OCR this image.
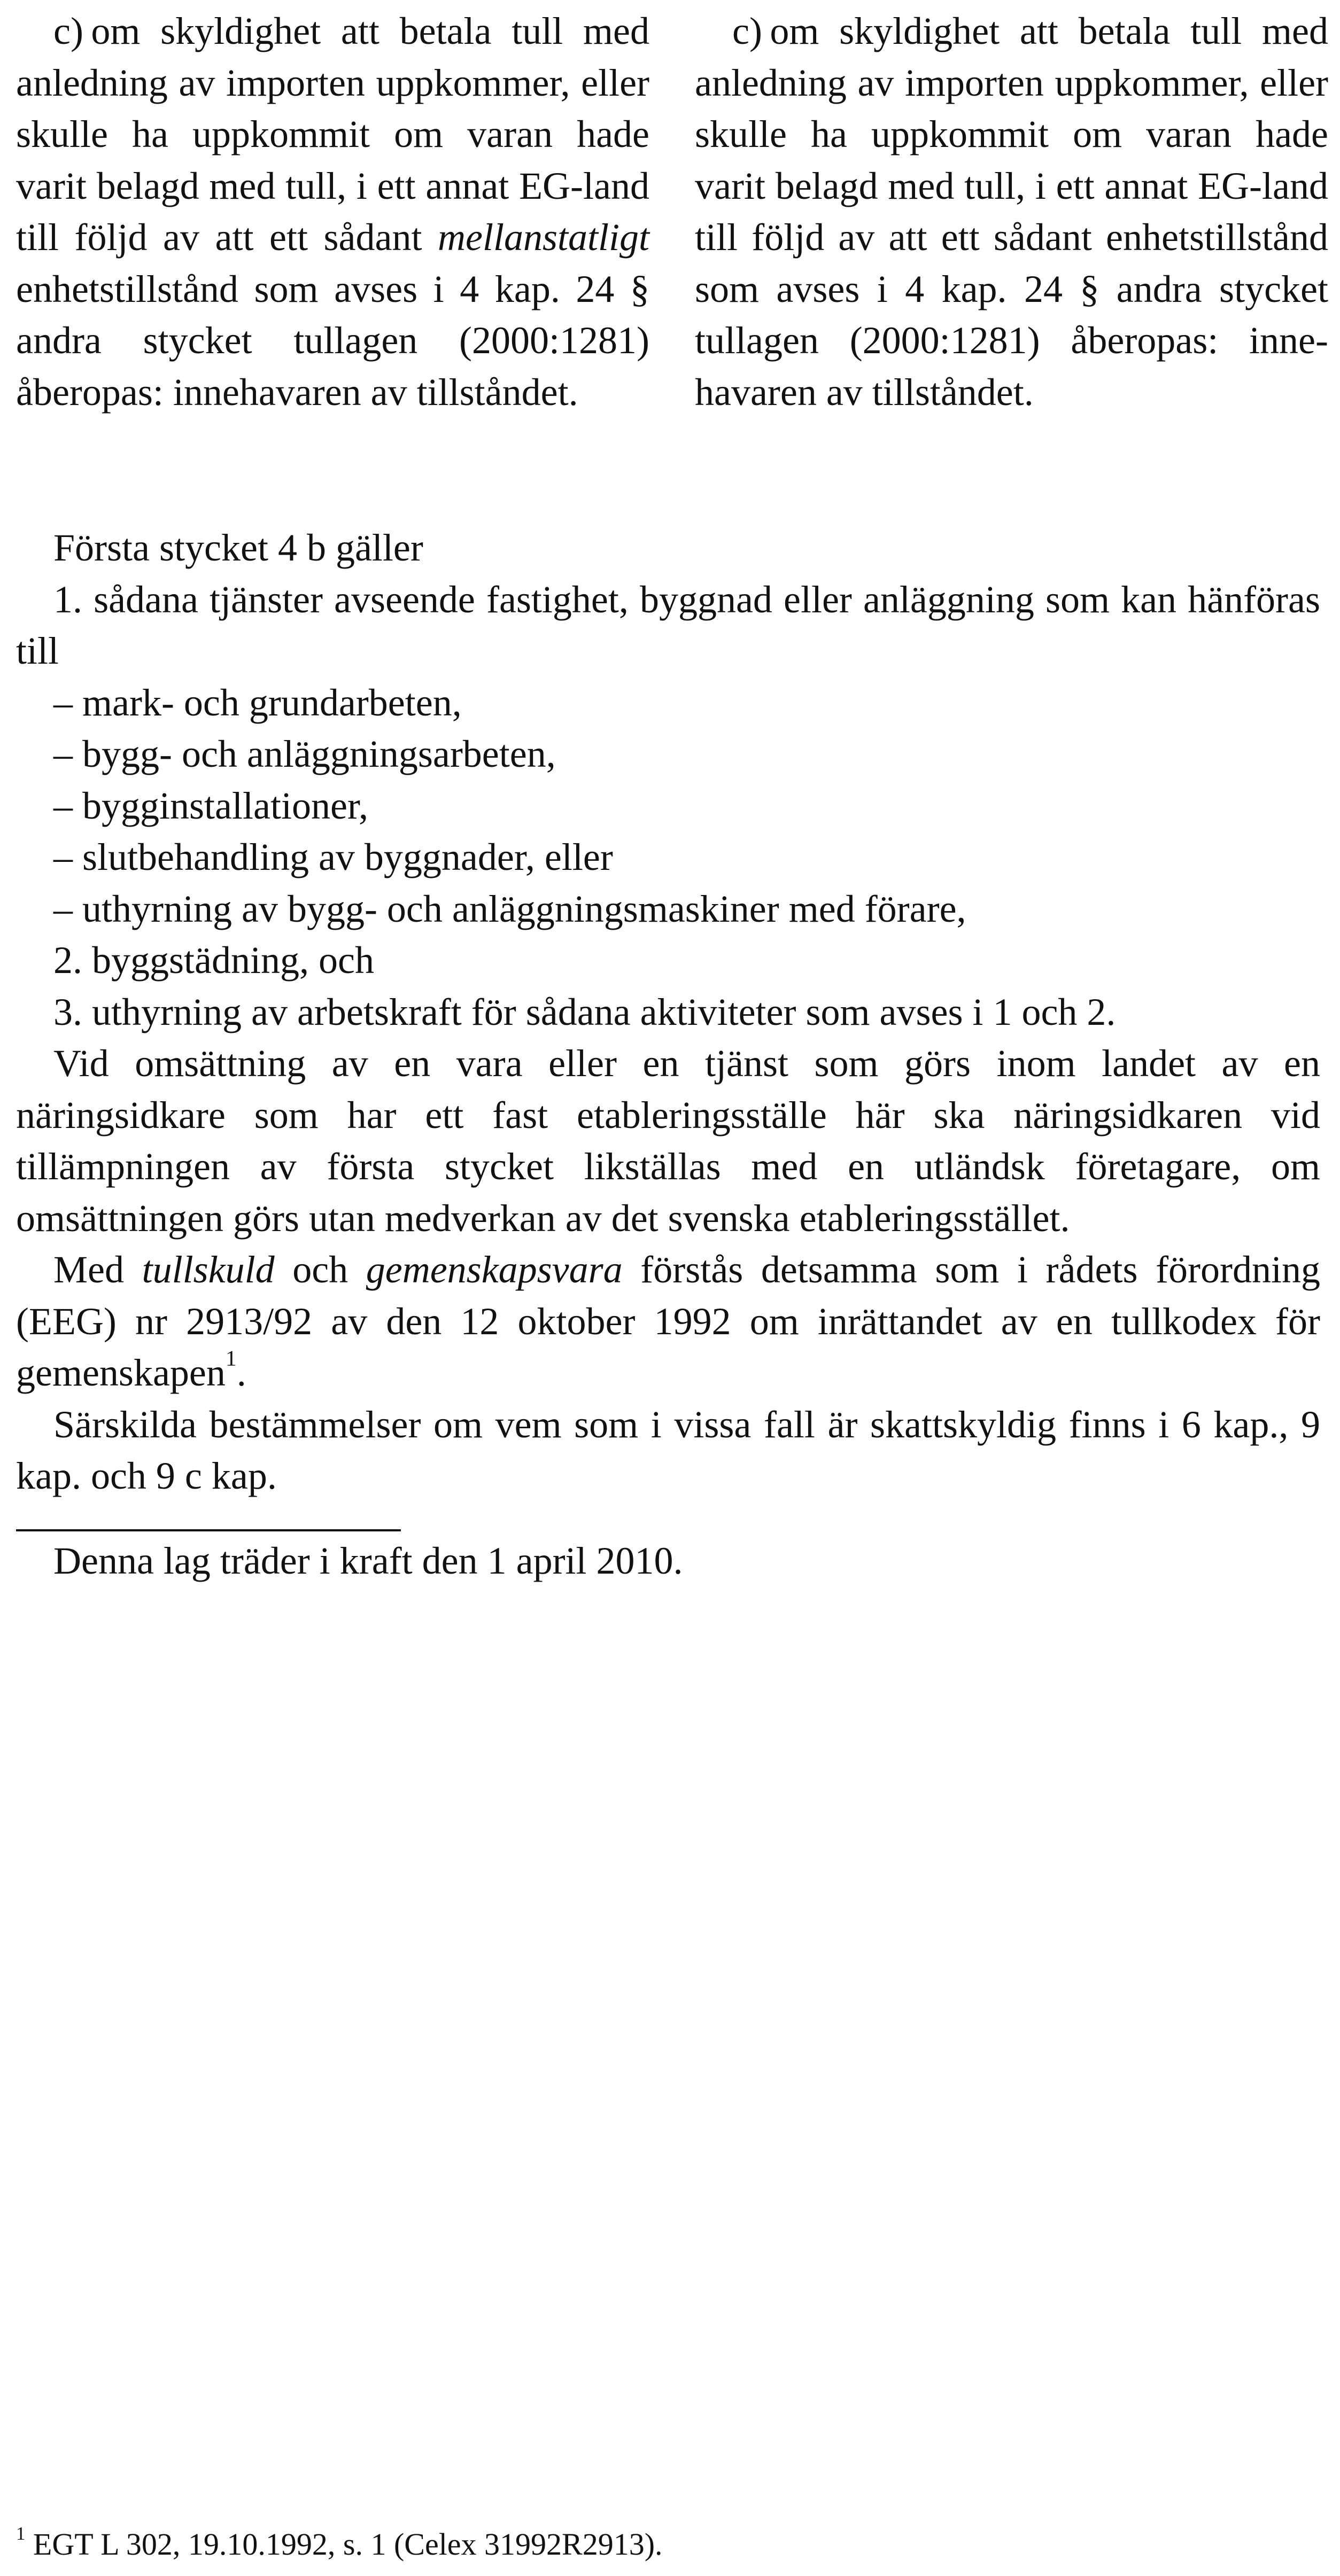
c) om skyldighet att betala tull med anledning av importen uppkommer, eller skulle ha uppkommit om varan hade varit belagd med tull, i ett annat EG-land till följd av att ett sådant mellanstatligt enhetstillstånd som avses i 4 kap. 24 § andra stycket tullagen (2000:1281) åberopas: innehavaren av tillståndet.

c) om skyldighet att betala tull med anledning av importen uppkommer, eller skulle ha uppkommit om varan hade varit belagd med tull, i ett annat EG-land till följd av att ett sådant enhetstillstånd som avses i 4 kap. 24 § andra stycket tullagen (2000:1281) åberopas: innehavaren av tillståndet.

Första stycket 4 b gäller

1. sådana tjänster avseende fastighet, byggnad eller anläggning som kan hänföras till

– mark- och grundarbeten,

– bygg- och anläggningsarbeten,

– bygginstallationer,

– slutbehandling av byggnader, eller

– uthyrning av bygg- och anläggningsmaskiner med förare,

2. byggstädning, och

3. uthyrning av arbetskraft för sådana aktiviteter som avses i 1 och 2.

Vid omsättning av en vara eller en tjänst som görs inom landet av en näringsidkare som har ett fast etableringsställe här ska näringsidkaren vid tillämpningen av första stycket likställas med en utländsk företagare, om omsättningen görs utan medverkan av det svenska etableringsstället.

Med tullskuld och gemenskapsvara förstås detsamma som i rådets förordning (EEG) nr 2913/92 av den 12 oktober 1992 om inrättandet av en tullkodex för gemenskapen$^1$.

Särskilda bestämmelser om vem som i vissa fall är skattskyldig finns i 6 kap., 9 kap. och 9 c kap.

Denna lag träder i kraft den 1 april 2010.
$^1$ EGT L 302, 19.10.1992, s. 1 (Celex 31992R2913).
